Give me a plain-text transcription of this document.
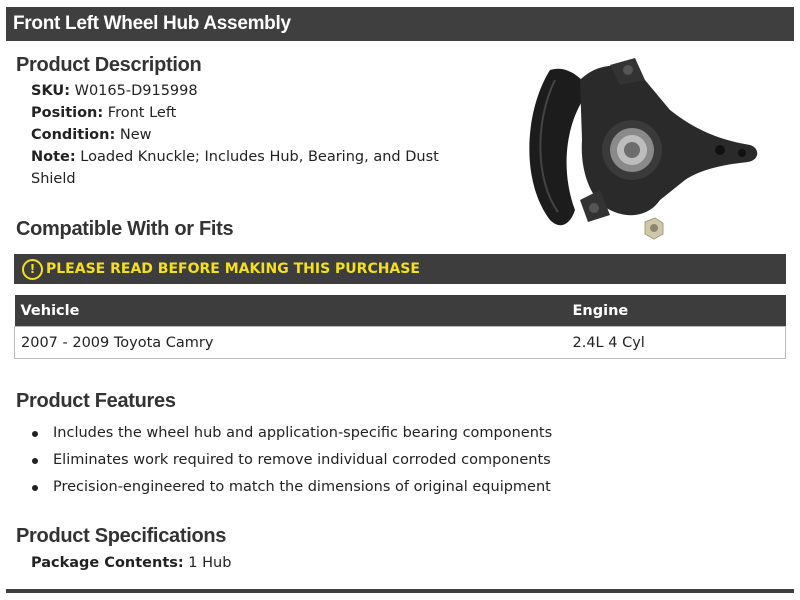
Front Left Wheel Hub Assembly
Product Description
SKU: W0165-D915998
Position: Front Left
Condition: New
Note: Loaded Knuckle; Includes Hub, Bearing, and Dust Shield
Compatible With or Fits
! PLEASE READ BEFORE MAKING THIS PURCHASE
Vehicle	Engine
2007 - 2009 Toyota Camry	2.4L 4 Cyl
Product Features
Includes the wheel hub and application-specific bearing components
Eliminates work required to remove individual corroded components
Precision-engineered to match the dimensions of original equipment
Product Specifications
Package Contents: 1 Hub
